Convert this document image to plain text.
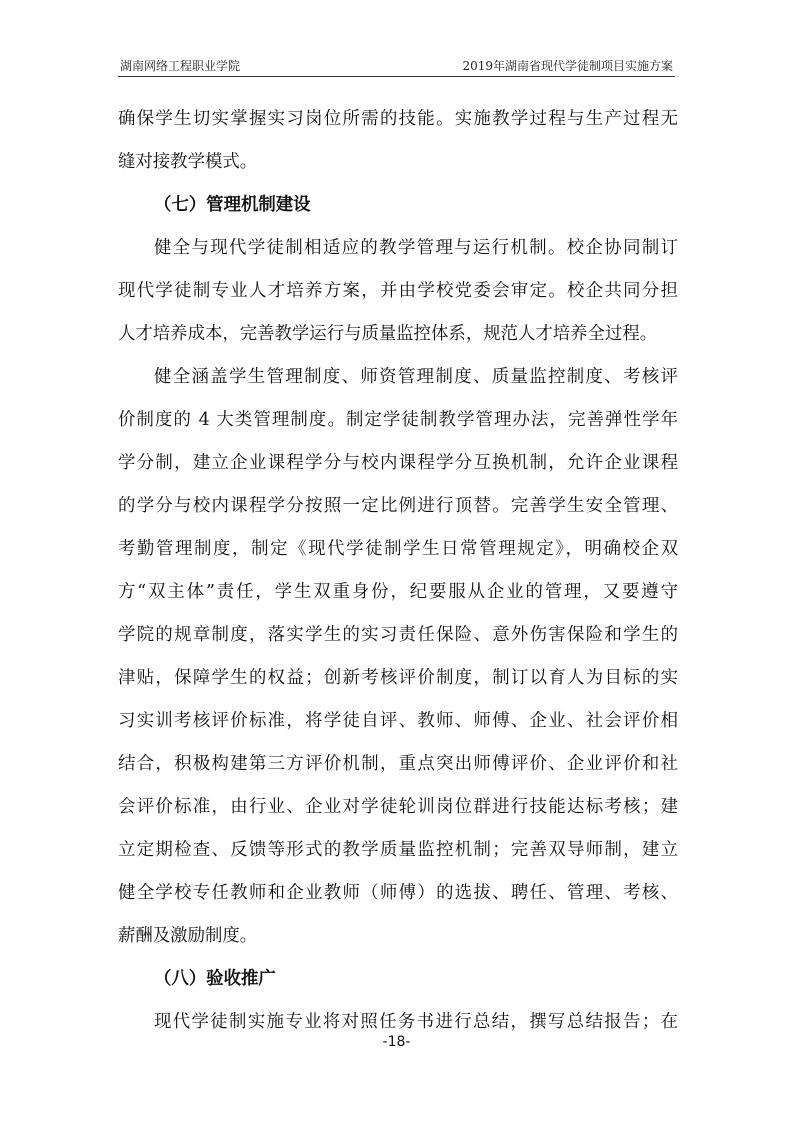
湖南网络工程职业学院	2019年湖南省现代学徒制项目实施方案
确保学生切实掌握实习岗位所需的技能。实施教学过程与生产过程无
缝对接教学模式。
（七）管理机制建设
健全与现代学徒制相适应的教学管理与运行机制。校企协同制订
现代学徒制专业人才培养方案，并由学校党委会审定。校企共同分担
人才培养成本，完善教学运行与质量监控体系，规范人才培养全过程。
健全涵盖学生管理制度、师资管理制度、质量监控制度、考核评
价制度的 4 大类管理制度。制定学徒制教学管理办法，完善弹性学年
学分制，建立企业课程学分与校内课程学分互换机制，允许企业课程
的学分与校内课程学分按照一定比例进行顶替。完善学生安全管理、
考勤管理制度，制定《现代学徒制学生日常管理规定》，明确校企双
方“双主体”责任，学生双重身份，纪要服从企业的管理，又要遵守
学院的规章制度，落实学生的实习责任保险、意外伤害保险和学生的
津贴，保障学生的权益；创新考核评价制度，制订以育人为目标的实
习实训考核评价标准，将学徒自评、教师、师傅、企业、社会评价相
结合，积极构建第三方评价机制，重点突出师傅评价、企业评价和社
会评价标准，由行业、企业对学徒轮训岗位群进行技能达标考核；建
立定期检查、反馈等形式的教学质量监控机制；完善双导师制，建立
健全学校专任教师和企业教师（师傅）的选拔、聘任、管理、考核、
薪酬及激励制度。
（八）验收推广
现代学徒制实施专业将对照任务书进行总结，撰写总结报告；在
-18-
